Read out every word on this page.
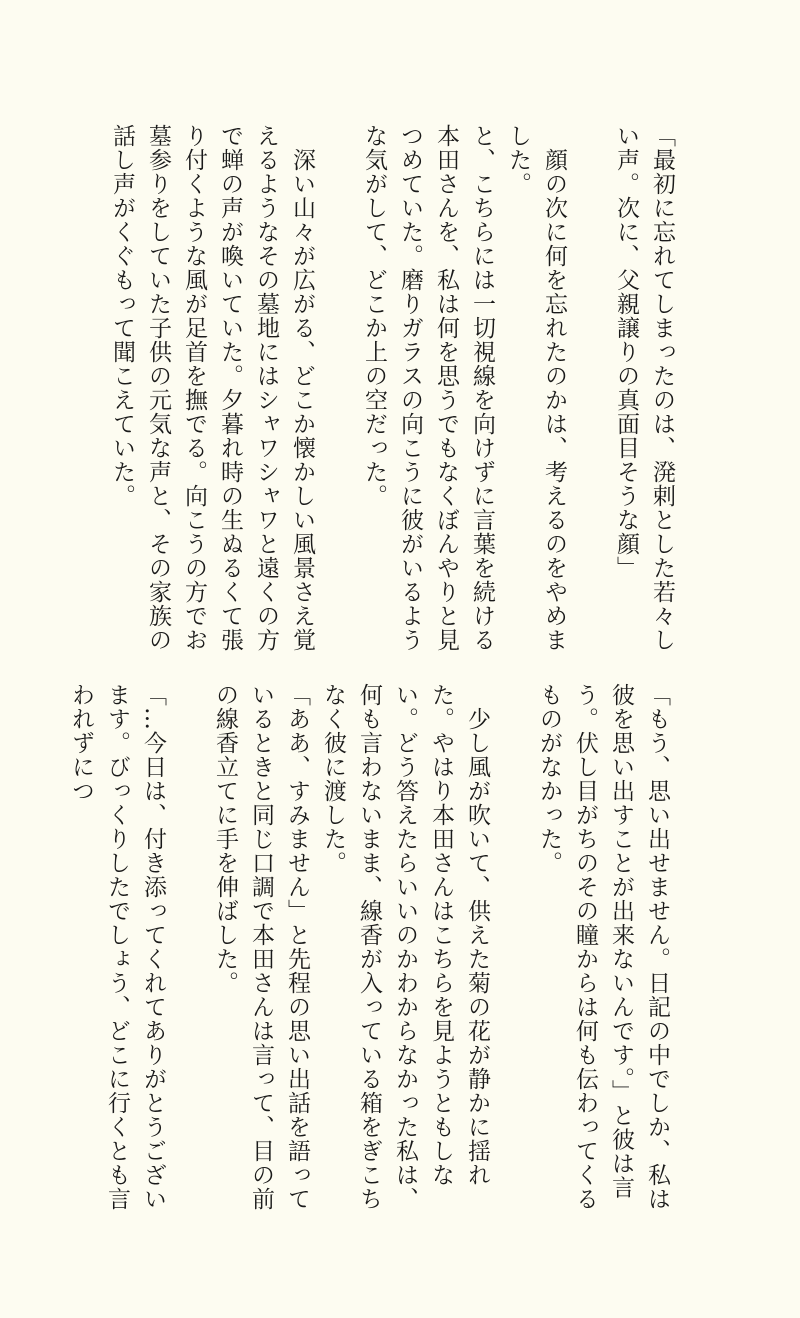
「最初に忘れてしまったのは、溌剌とした若々しい声。次に、父親譲りの真面目そうな顔」

　顔の次に何を忘れたのかは、考えるのをやめました。

と、こちらには一切視線を向けずに言葉を続ける本田さんを、私は何を思うでもなくぼんやりと見つめていた。磨りガラスの向こうに彼がいるような気がして、どこか上の空だった。

　深い山々が広がる、どこか懐かしい風景さえ覚えるようなその墓地にはシャワシャワと遠くの方で蝉の声が喚いていた。夕暮れ時の生ぬるくて張り付くような風が足首を撫でる。向こうの方でお墓参りをしていた子供の元気な声と、その家族の話し声がくぐもって聞こえていた。

「もう、思い出せません。日記の中でしか、私は彼を思い出すことが出来ないんです。」と彼は言う。伏し目がちのその瞳からは何も伝わってくるものがなかった。

　少し風が吹いて、供えた菊の花が静かに揺れた。やはり本田さんはこちらを見ようともしない。どう答えたらいいのかわからなかった私は、何も言わないまま、線香が入っている箱をぎこちなく彼に渡した。

「ああ、すみません」と先程の思い出話を語っているときと同じ口調で本田さんは言って、目の前の線香立てに手を伸ばした。

「…今日は、付き添ってくれてありがとうございます。びっくりしたでしょう、どこに行くとも言われずにつ
